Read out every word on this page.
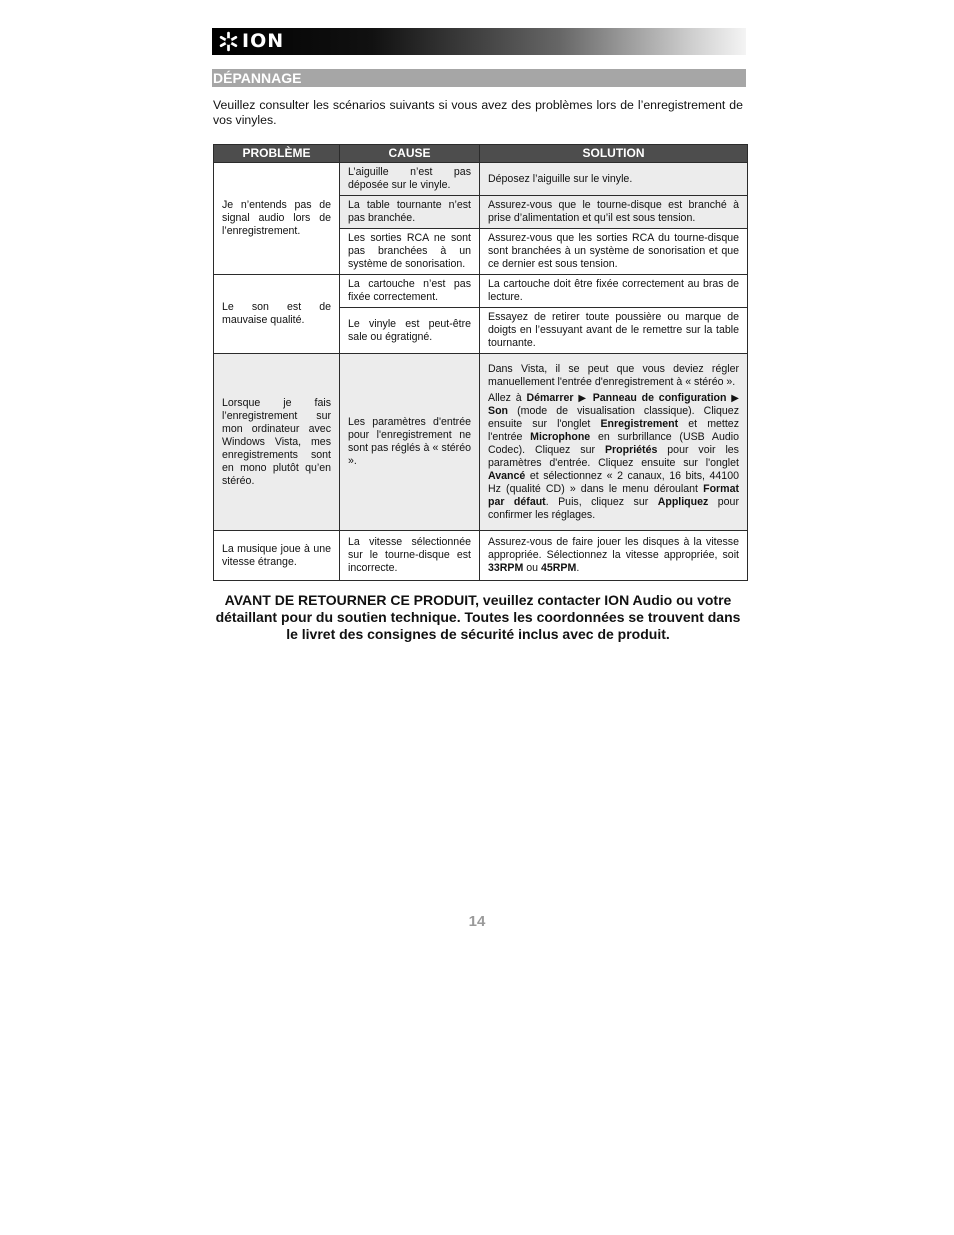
ION
DÉPANNAGE

Veuillez consulter les scénarios suivants si vous avez des problèmes lors de l’enregistrement de vos vinyles.

PROBLÈME	CAUSE	SOLUTION
Je n’entends pas de signal audio lors de l’enregistrement.	L’aiguille n’est pas déposée sur le vinyle.	Déposez l’aiguille sur le vinyle.
	La table tournante n’est pas branchée.	Assurez-vous que le tourne-disque est branché à prise d’alimentation et qu’il est sous tension.
	Les sorties RCA ne sont pas branchées à un système de sonorisation.	Assurez-vous que les sorties RCA du tourne-disque sont branchées à un système de sonorisation et que ce dernier est sous tension.
Le son est de mauvaise qualité.	La cartouche n’est pas fixée correctement.	La cartouche doit être fixée correctement au bras de lecture.
	Le vinyle est peut-être sale ou égratigné.	Essayez de retirer toute poussière ou marque de doigts en l’essuyant avant de le remettre sur la table tournante.
Lorsque je fais l’enregistrement sur mon ordinateur avec Windows Vista, mes enregistrements sont en mono plutôt qu’en stéréo.	Les paramètres d'entrée pour l'enregistrement ne sont pas réglés à « stéréo ».	Dans Vista, il se peut que vous deviez régler manuellement l'entrée d'enregistrement à « stéréo ».
Allez à Démarrer ▶ Panneau de configuration ▶ Son (mode de visualisation classique). Cliquez ensuite sur l'onglet Enregistrement et mettez l'entrée Microphone en surbrillance (USB Audio Codec). Cliquez sur Propriétés pour voir les paramètres d'entrée. Cliquez ensuite sur l'onglet Avancé et sélectionnez « 2 canaux, 16 bits, 44100 Hz (qualité CD) » dans le menu déroulant Format par défaut. Puis, cliquez sur Appliquez pour confirmer les réglages.

La musique joue à une vitesse étrange.	La vitesse sélectionnée sur le tourne-disque est incorrecte.	Assurez-vous de faire jouer les disques à la vitesse appropriée. Sélectionnez la vitesse appropriée, soit 33RPM ou 45RPM.

AVANT DE RETOURNER CE PRODUIT, veuillez contacter ION Audio ou votre détaillant pour du soutien technique. Toutes les coordonnées se trouvent dans le livret des consignes de sécurité inclus avec de produit.

14
